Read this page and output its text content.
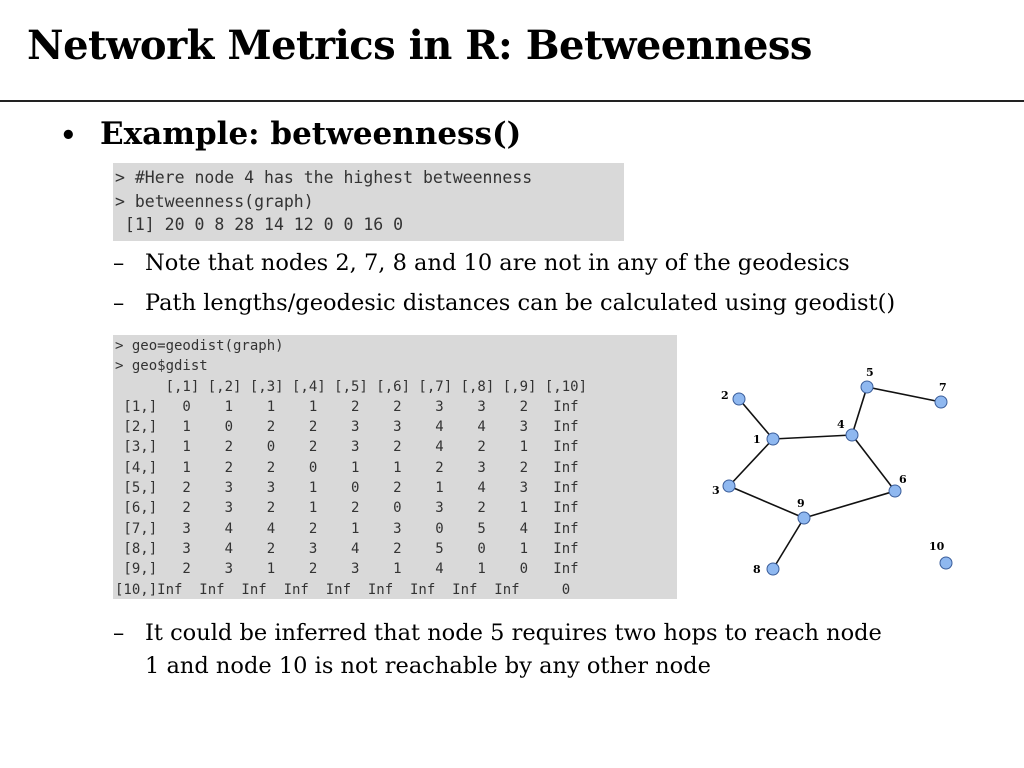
Network Metrics in R: Betweenness
• Example: betweenness()
> #Here node 4 has the highest betweenness
> betweenness(graph)
[1] 20 0 8 28 14 12 0 0 16 0
– Note that nodes 2, 7, 8 and 10 are not in any of the geodesics
– Path lengths/geodesic distances can be calculated using geodist()
> geo=geodist(graph)
> geo$gdist
[,1] [,2] [,3] [,4] [,5] [,6] [,7] [,8] [,9] [,10]
[1,]   0    1    1    1    2    2    3    3    2   Inf
[2,]   1    0    2    2    3    3    4    4    3   Inf
[3,]   1    2    0    2    3    2    4    2    1   Inf
[4,]   1    2    2    0    1    1    2    3    2   Inf
[5,]   2    3    3    1    0    2    1    4    3   Inf
[6,]   2    3    2    1    2    0    3    2    1   Inf
[7,]   3    4    4    2    1    3    0    5    4   Inf
[8,]   3    4    2    3    4    2    5    0    1   Inf
[9,]   2    3    1    2    3    1    4    1    0   Inf
[10,]Inf  Inf  Inf  Inf  Inf  Inf  Inf  Inf  Inf     0
1
2
3
4
5
6
7
8
9
10
– It could be inferred that node 5 requires two hops to reach node
1 and node 10 is not reachable by any other node
